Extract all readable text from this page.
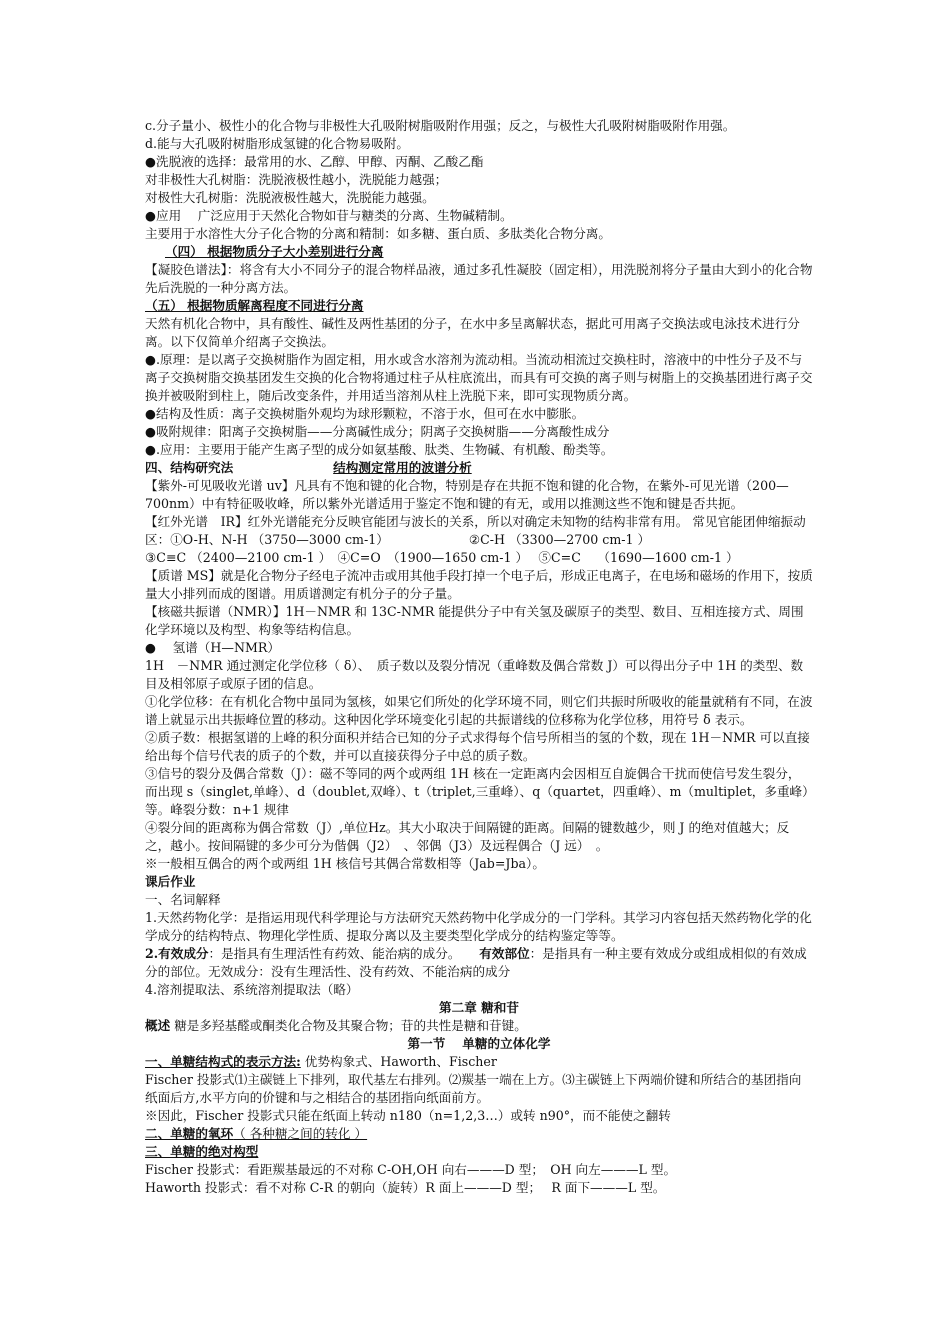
c.分子量小、极性小的化合物与非极性大孔吸附树脂吸附作用强；反之，与极性大孔吸附树脂吸附作用强。

d.能与大孔吸附树脂形成氢键的化合物易吸附。

●洗脱液的选择：最常用的水、乙醇、甲醇、丙酮、乙酸乙酯

对非极性大孔树脂：洗脱液极性越小，洗脱能力越强；

对极性大孔树脂：洗脱液极性越大，洗脱能力越强。

●应用　 广泛应用于天然化合物如苷与糖类的分离、生物碱精制。

主要用于水溶性大分子化合物的分离和精制：如多糖、蛋白质、多肽类化合物分离。

（四） 根据物质分子大小差别进行分离

【凝胶色谱法】：将含有大小不同分子的混合物样品液，通过多孔性凝胶（固定相），用洗脱剂将分子量由大到小的化合物先后洗脱的一种分离方法。

（五） 根据物质解离程度不同进行分离

天然有机化合物中，具有酸性、碱性及两性基团的分子，在水中多呈离解状态，据此可用离子交换法或电泳技术进行分离。以下仅简单介绍离子交换法。

●.原理：是以离子交换树脂作为固定相，用水或含水溶剂为流动相。当流动相流过交换柱时，溶液中的中性分子及不与离子交换树脂交换基团发生交换的化合物将通过柱子从柱底流出，而具有可交换的离子则与树脂上的交换基团进行离子交换并被吸附到柱上，随后改变条件，并用适当溶剂从柱上洗脱下来，即可实现物质分离。

●结构及性质：离子交换树脂外观均为球形颗粒，不溶于水，但可在水中膨胀。

●吸附规律：阳离子交换树脂——分离碱性成分；阴离子交换树脂——分离酸性成分

●.应用：主要用于能产生离子型的成分如氨基酸、肽类、生物碱、有机酸、酚类等。

四、结构研究法	结构测定常用的波谱分析

【紫外-可见吸收光谱 uv】凡具有不饱和键的化合物，特别是存在共扼不饱和键的化合物，在紫外-可见光谱（200—700nm）中有特征吸收峰，所以紫外光谱适用于鉴定不饱和键的有无，或用以推测这些不饱和键是否共扼。

【红外光谱　IR】红外光谱能充分反映官能团与波长的关系，所以对确定未知物的结构非常有用。 常见官能团伸缩振动区：①O-H、N-H （3750—3000 cm-1）	②C-H （3300—2700 cm-1 ）

③C≡C （2400—2100 cm-1 ）　④C=O　（1900—1650 cm-1 ）　 ⑤C=C　 （1690—1600 cm-1 ）

【质谱 MS】就是化合物分子经电子流冲击或用其他手段打掉一个电子后，形成正电离子，在电场和磁场的作用下，按质量大小排列而成的图谱。用质谱测定有机分子的分子量。

【核磁共振谱（NMR）】1H－NMR 和 13C-NMR 能提供分子中有关氢及碳原子的类型、数目、互相连接方式、周围化学环境以及构型、构象等结构信息。

●　 氢谱（H—NMR）

1H　－NMR 通过测定化学位移（ δ）、　质子数以及裂分情况（重峰数及偶合常数 J）可以得出分子中 1H 的类型、数目及相邻原子或原子团的信息。

①化学位移：在有机化合物中虽同为氢核，如果它们所处的化学环境不同，则它们共振时所吸收的能量就稍有不同，在波谱上就显示出共振峰位置的移动。这种因化学环境变化引起的共振谱线的位移称为化学位移，用符号 δ 表示。

②质子数：根据氢谱的上峰的积分面积并结合已知的分子式求得每个信号所相当的氢的个数，现在 1H－NMR 可以直接给出每个信号代表的质子的个数，并可以直接获得分子中总的质子数。

③信号的裂分及偶合常数（J）：磁不等同的两个或两组 1H 核在一定距离内会因相互自旋偶合干扰而使信号发生裂分，而出现 s（singlet,单峰）、d（doublet,双峰）、t（triplet,三重峰）、q（quartet，四重峰）、m（multiplet，多重峰）等。峰裂分数：n+1 规律

④裂分间的距离称为偶合常数（J）,单位Hz。其大小取决于间隔键的距离。间隔的键数越少，则 J 的绝对值越大；反之，越小。按间隔键的多少可分为偕偶（J2）　、邻偶（J3）及远程偶合（J 远）　。

※一般相互偶合的两个或两组 1H 核信号其偶合常数相等（Jab=Jba）。

课后作业

一、名词解释

1.天然药物化学：是指运用现代科学理论与方法研究天然药物中化学成分的一门学科。其学习内容包括天然药物化学的化学成分的结构特点、物理化学性质、提取分离以及主要类型化学成分的结构鉴定等等。

2.有效成分：是指具有生理活性有药效、能治病的成分。　　有效部位：是指具有一种主要有效成分或组成相似的有效成分的部位。无效成分：没有生理活性、没有药效、不能治病的成分

4.溶剂提取法、系统溶剂提取法（略）

第二章 糖和苷

概述 糖是多羟基醛或酮类化合物及其聚合物；苷的共性是糖和苷键。

第一节　 单糖的立体化学

一、单糖结构式的表示方法: 优势构象式、Haworth、Fischer

Fischer 投影式⑴主碳链上下排列，取代基左右排列。⑵羰基一端在上方。⑶主碳链上下两端价键和所结合的基团指向纸面后方,水平方向的价键和与之相结合的基团指向纸面前方。

※因此，Fischer 投影式只能在纸面上转动 n180（n=1,2,3…）或转 n90°，而不能使之翻转

二、单糖的氧环（ 各种糖之间的转化 ）

三、单糖的绝对构型

Fischer 投影式：看距羰基最远的不对称 C-OH,OH 向右———D 型；　OH 向左———L 型。

Haworth 投影式：看不对称 C-R 的朝向（旋转）R 面上———D 型；　 R 面下———L 型。
